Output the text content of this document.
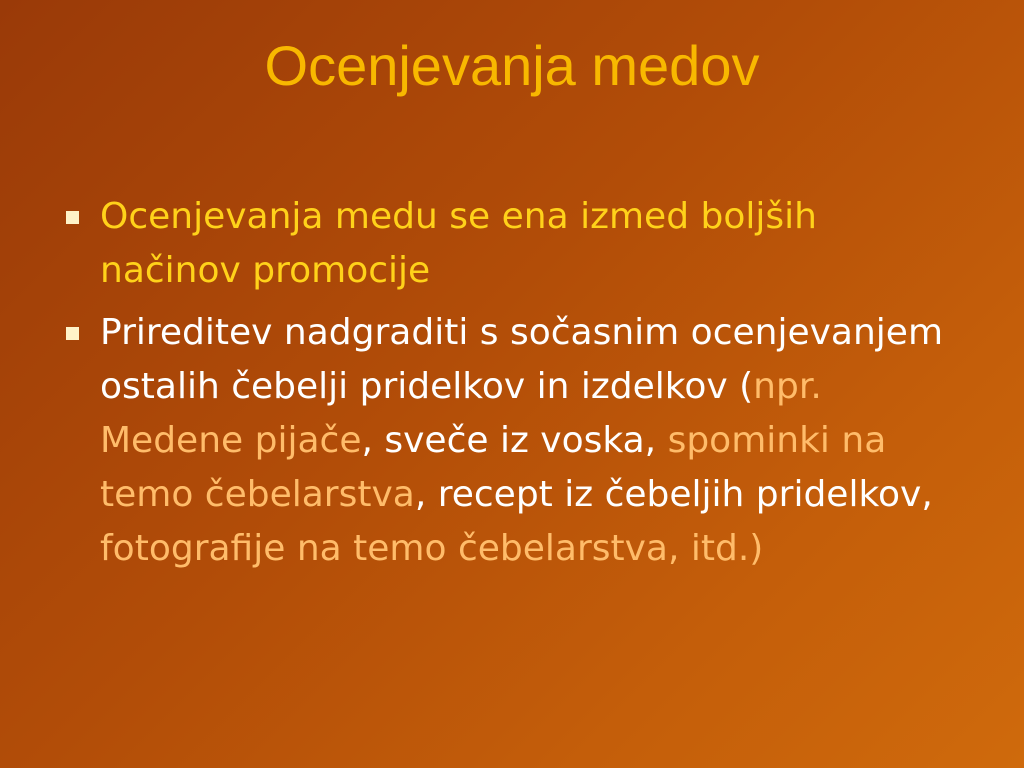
Ocenjevanja medov
Ocenjevanja medu se ena izmed boljših načinov promocije
Prireditev nadgraditi s sočasnim ocenjevanjem ostalih čebelji pridelkov in izdelkov (npr. Medene pijače, sveče iz voska, spominki na temo čebelarstva, recept iz čebeljih pridelkov, fotografije na temo čebelarstva, itd.)
